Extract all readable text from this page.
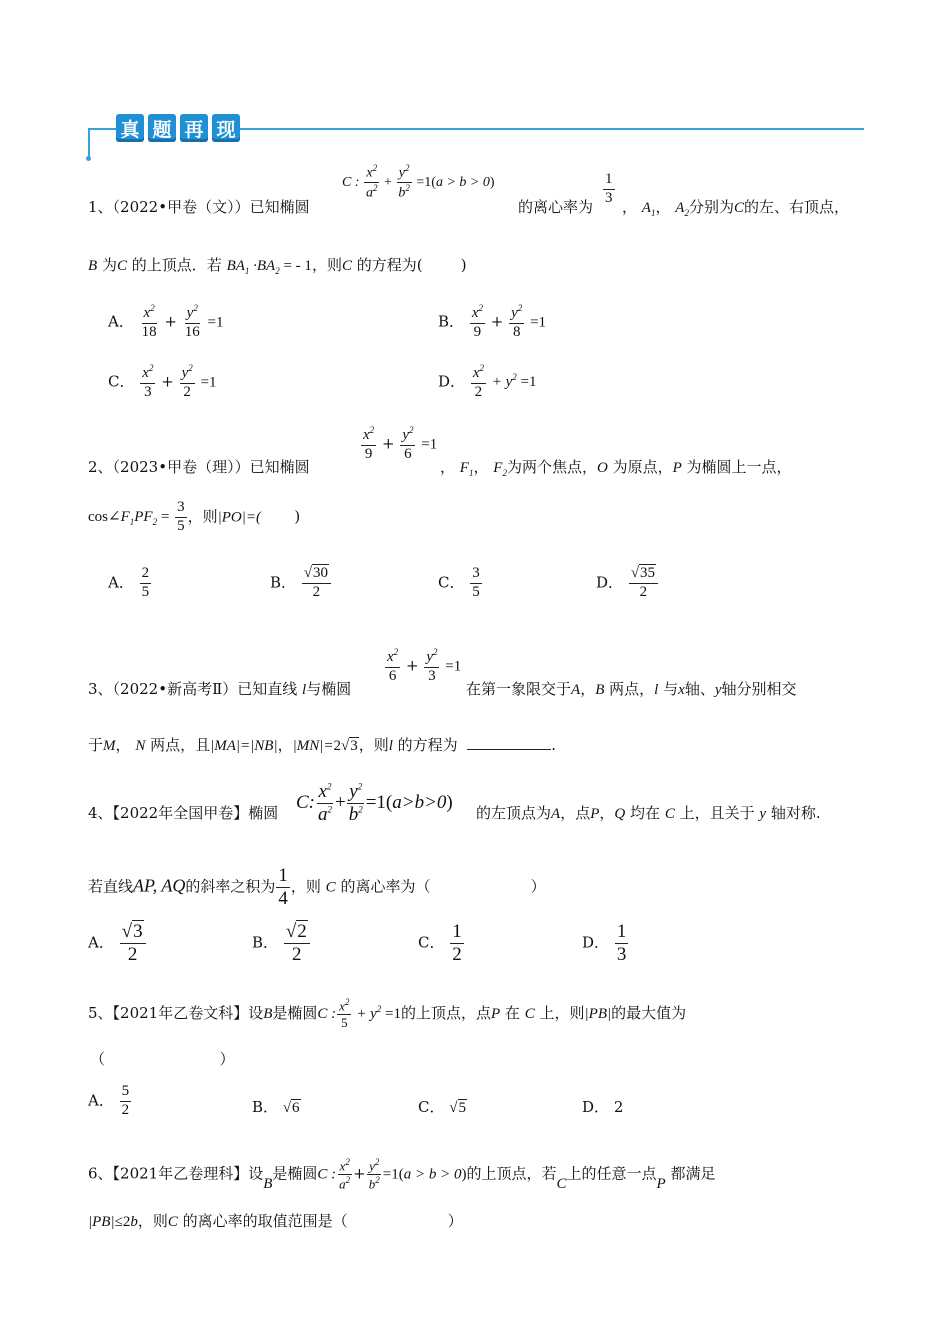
真 题 再 现
1、（2022•甲卷（文））已知椭圆
C : $\frac{x^2}{a^2} + \frac{y^2}{b^2} =1(a > b > 0)$
的离心率为
$\frac{1}{3}$
， $A_1$， $A_2$分别为C的左、右顶点，
B 为C 的上顶点．若 $BA_1 \cdot BA_2$ = - 1，则C 的方程为(	)
A． $\frac{x^2}{18} + \frac{y^2}{16} =1$	B． $\frac{x^2}{9} + \frac{y^2}{8} =1$
C． $\frac{x^2}{3} + \frac{y^2}{2} =1$	D． $\frac{x^2}{2} + y^2 =1$
2、（2023•甲卷（理））已知椭圆
$\frac{x^2}{9} + \frac{y^2}{6} =1$
， $F_1$， $F_2$为两个焦点，O 为原点，P 为椭圆上一点，
$\cos\angle F_1PF_2 = \frac{3}{5}$ ，则|PO|=( )
A． $\frac{2}{5}$	B． $\frac{√30}{2}$	C． $\frac{3}{5}$	D． $\frac{√35}{2}$
3、（2022•新高考Ⅱ）已知直线 l与椭圆
$\frac{x^2}{6} + \frac{y^2}{3} =1$
在第一象限交于A，B 两点，l 与x轴、y轴分别相交
于M， N 两点，且|MA|=|NB|，|MN|=2√3，则l 的方程为	.
4、【2022年全国甲卷】椭圆
C: $\frac{x^2}{a^2} + \frac{y^2}{b^2} =1(a>b>0)$
的左顶点为A，点P，Q 均在 C 上，且关于 y 轴对称.
若直线AP, AQ的斜率之积为 $\frac{1}{4}$ ，则 C 的离心率为（	）
A． $\frac{√3}{2}$	B． $\frac{√2}{2}$	C． $\frac{1}{2}$	D． $\frac{1}{3}$
5、【2021年乙卷文科】设B是椭圆C : $\frac{x^2}{5} + y^2 =1$的上顶点，点P 在 C 上，则|PB|的最大值为
（	）
A． $\frac{5}{2}$	B． √6	C． √5	D． 2
6、【2021年乙卷理科】设B是椭圆C : $\frac{x^2}{a^2} + \frac{y^2}{b^2} =1(a > b > 0)$的上顶点，若C上的任意一点P 都满足
|PB|≤2b，则C 的离心率的取值范围是（	）
